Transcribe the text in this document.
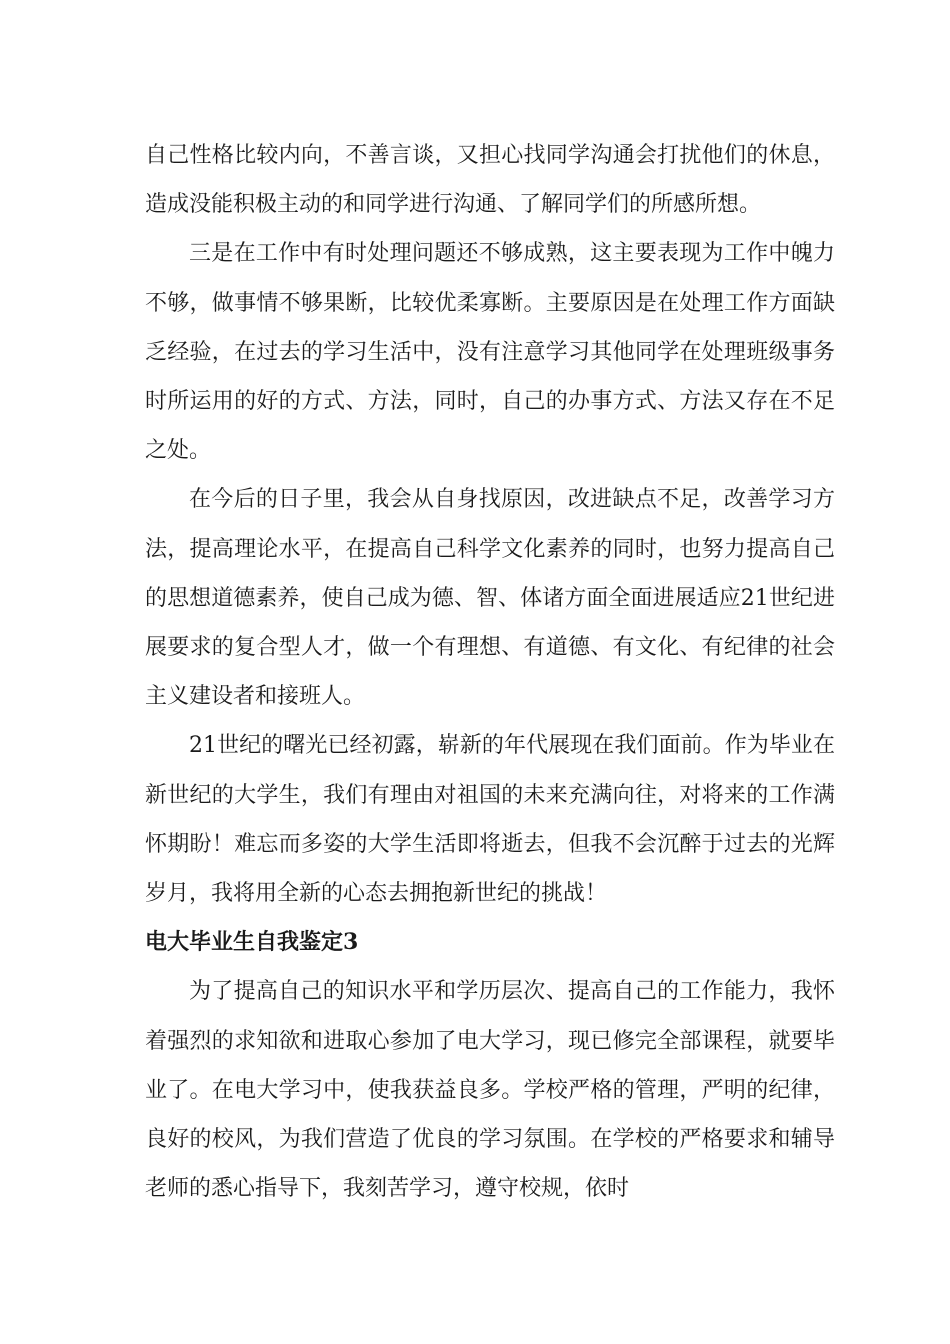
自己性格比较内向，不善言谈，又担心找同学沟通会打扰他们的休息，造成没能积极主动的和同学进行沟通、了解同学们的所感所想。

三是在工作中有时处理问题还不够成熟，这主要表现为工作中魄力不够，做事情不够果断，比较优柔寡断。主要原因是在处理工作方面缺乏经验，在过去的学习生活中，没有注意学习其他同学在处理班级事务时所运用的好的方式、方法，同时，自己的办事方式、方法又存在不足之处。

在今后的日子里，我会从自身找原因，改进缺点不足，改善学习方法，提高理论水平，在提高自己科学文化素养的同时，也努力提高自己的思想道德素养，使自己成为德、智、体诸方面全面进展适应21世纪进展要求的复合型人才，做一个有理想、有道德、有文化、有纪律的社会主义建设者和接班人。

21世纪的曙光已经初露，崭新的年代展现在我们面前。作为毕业在新世纪的大学生，我们有理由对祖国的未来充满向往，对将来的工作满怀期盼！难忘而多姿的大学生活即将逝去，但我不会沉醉于过去的光辉岁月，我将用全新的心态去拥抱新世纪的挑战！

电大毕业生自我鉴定3

为了提高自己的知识水平和学历层次、提高自己的工作能力，我怀着强烈的求知欲和进取心参加了电大学习，现已修完全部课程，就要毕业了。在电大学习中，使我获益良多。学校严格的管理，严明的纪律，良好的校风，为我们营造了优良的学习氛围。在学校的严格要求和辅导老师的悉心指导下，我刻苦学习，遵守校规，依时
